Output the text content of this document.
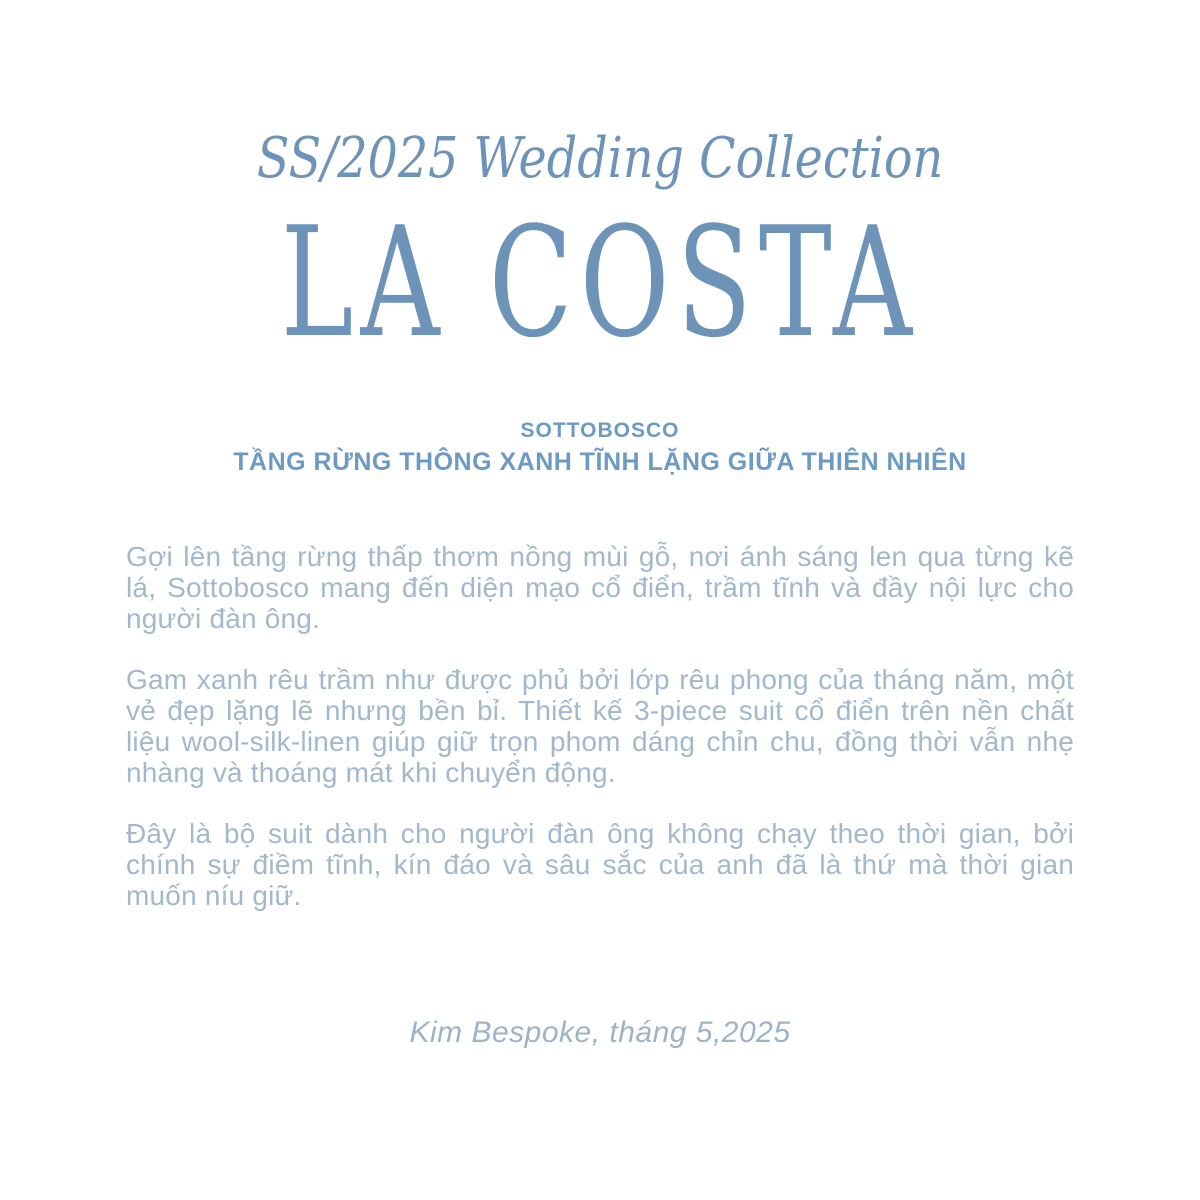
SS/2025 Wedding Collection
LA COSTA
SOTTOBOSCO
TẦNG RỪNG THÔNG XANH TĨNH LẶNG GIỮA THIÊN NHIÊN

Gợi lên tầng rừng thấp thơm nồng mùi gỗ, nơi ánh sáng len qua từng kẽ lá, Sottobosco mang đến diện mạo cổ điển, trầm tĩnh và đầy nội lực cho người đàn ông.

Gam xanh rêu trầm như được phủ bởi lớp rêu phong của tháng năm, một vẻ đẹp lặng lẽ nhưng bền bỉ. Thiết kế 3-piece suit cổ điển trên nền chất liệu wool-silk-linen giúp giữ trọn phom dáng chỉn chu, đồng thời vẫn nhẹ nhàng và thoáng mát khi chuyển động.

Đây là bộ suit dành cho người đàn ông không chạy theo thời gian, bởi chính sự điềm tĩnh, kín đáo và sâu sắc của anh đã là thứ mà thời gian muốn níu giữ.

Kim Bespoke, tháng 5,2025
